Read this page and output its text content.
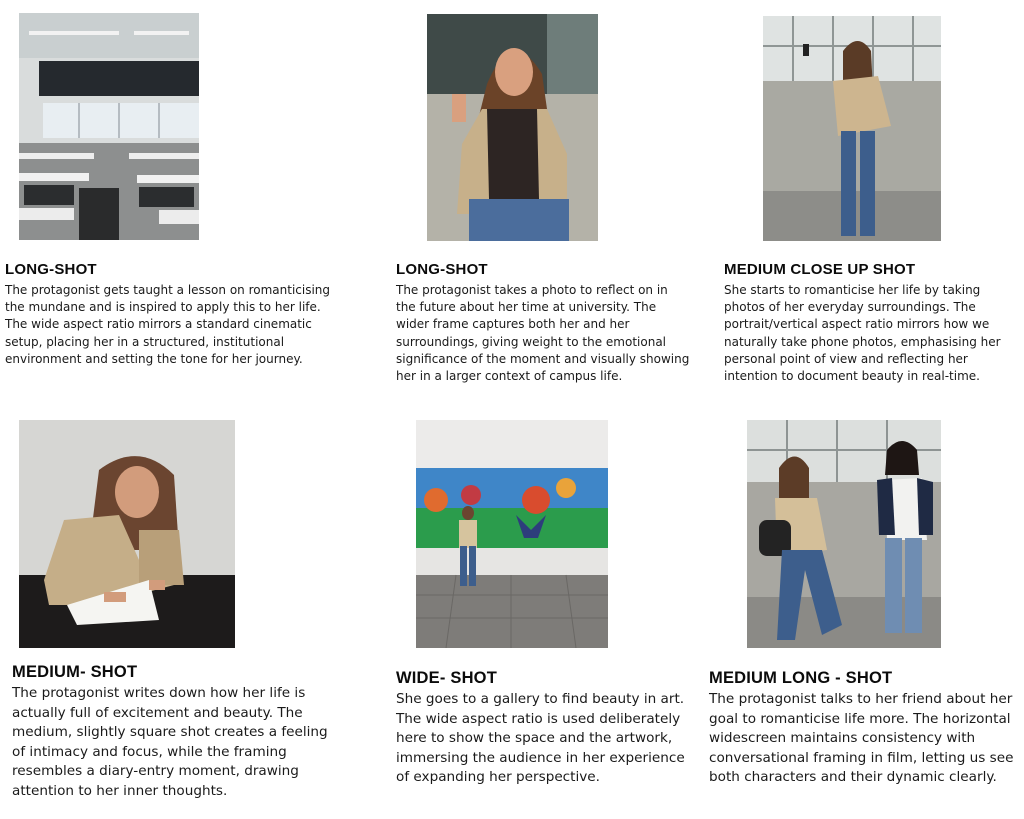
LONG-SHOT

The protagonist gets taught a lesson on romanticising the mundane and is inspired to apply this to her life. The wide aspect ratio mirrors a standard cinematic setup, placing her in a structured, institutional environment and setting the tone for her journey.

LONG-SHOT

The protagonist takes a photo to reflect on in the future about her time at university. The wider frame captures both her and her surroundings, giving weight to the emotional significance of the moment and visually showing her in a larger context of campus life.

MEDIUM CLOSE UP SHOT

She starts to romanticise her life by taking photos of her everyday surroundings. The portrait/vertical aspect ratio mirrors how we naturally take phone photos, emphasising her personal point of view and reflecting her intention to document beauty in real-time.

MEDIUM- SHOT

The protagonist writes down how her life is actually full of excitement and beauty. The medium, slightly square shot creates a feeling of intimacy and focus, while the framing resembles a diary-entry moment, drawing attention to her inner thoughts.

WIDE- SHOT

She goes to a gallery to find beauty in art. The wide aspect ratio is used deliberately here to show the space and the artwork, immersing the audience in her experience of expanding her perspective.

MEDIUM LONG - SHOT

The protagonist talks to her friend about her goal to romanticise life more. The horizontal widescreen maintains consistency with conversational framing in film, letting us see both characters and their dynamic clearly.
